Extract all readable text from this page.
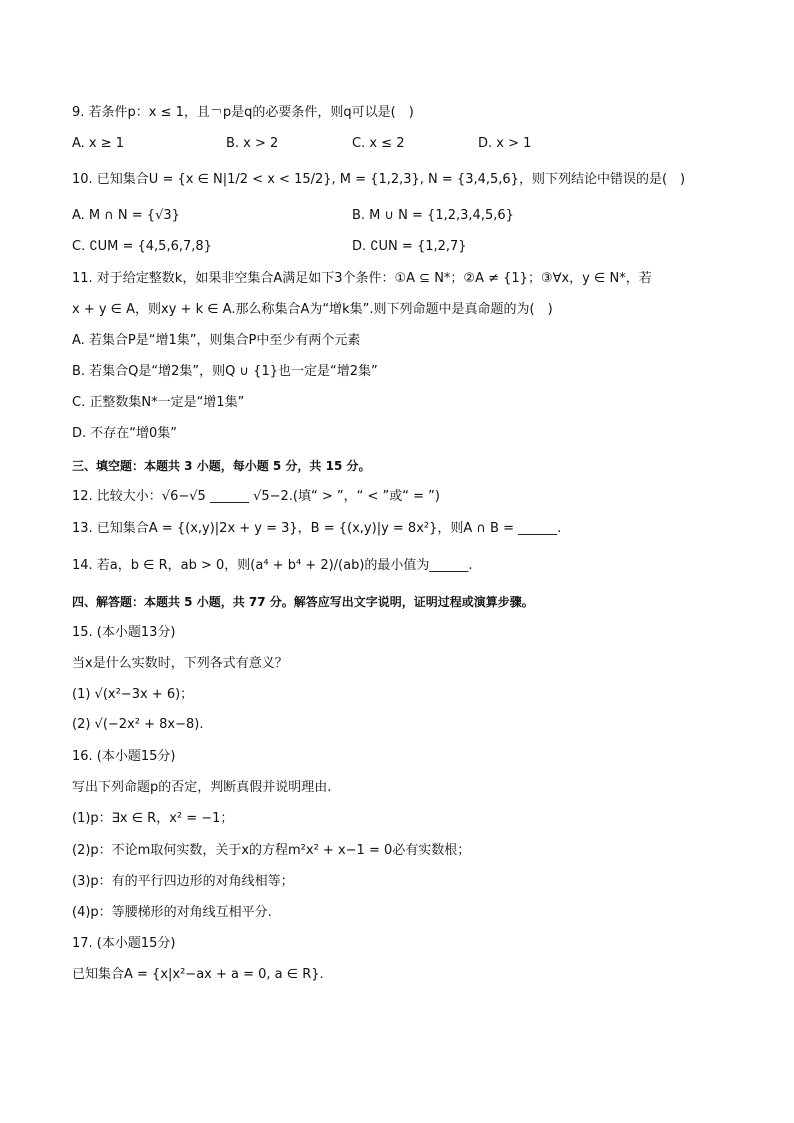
9. 若条件p：x ≤ 1，且￢p是q的必要条件，则q可以是(　)
A. x ≥ 1	B. x > 2	C. x ≤ 2	D. x > 1
10. 已知集合U = {x ∈ N|1/2 < x < 15/2}, M = {1,2,3}, N = {3,4,5,6}，则下列结论中错误的是(　)
A. M ∩ N = {√3}	B. M ∪ N = {1,2,3,4,5,6}
C. ∁UM = {4,5,6,7,8}	D. ∁UN = {1,2,7}
11. 对于给定整数k，如果非空集合A满足如下3个条件：①A ⊆ N*；②A ≠ {1}；③∀x，y ∈ N*，若
x + y ∈ A，则xy + k ∈ A.那么称集合A为“增k集”.则下列命题中是真命题的为(　)
A. 若集合P是“增1集”，则集合P中至少有两个元素
B. 若集合Q是“增2集”，则Q ∪ {1}也一定是“增2集”
C. 正整数集N*一定是“增1集”
D. 不存在“增0集”
三、填空题：本题共 3 小题，每小题 5 分，共 15 分。
12. 比较大小：√6−√5 ______ √5−2.(填“ > ”，“ < ”或“ = ”)
13. 已知集合A = {(x,y)|2x + y = 3}，B = {(x,y)|y = 8x²}，则A ∩ B = ______.
14. 若a，b ∈ R，ab > 0，则(a⁴ + b⁴ + 2)/(ab)的最小值为______.
四、解答题：本题共 5 小题，共 77 分。解答应写出文字说明，证明过程或演算步骤。
15. (本小题13分)
当x是什么实数时，下列各式有意义？
(1) √(x²−3x + 6)；
(2) √(−2x² + 8x−8).
16. (本小题15分)
写出下列命题p的否定，判断真假并说明理由.
(1)p：∃x ∈ R，x² = −1；
(2)p：不论m取何实数，关于x的方程m²x² + x−1 = 0必有实数根；
(3)p：有的平行四边形的对角线相等；
(4)p：等腰梯形的对角线互相平分.
17. (本小题15分)
已知集合A = {x|x²−ax + a = 0, a ∈ R}.
